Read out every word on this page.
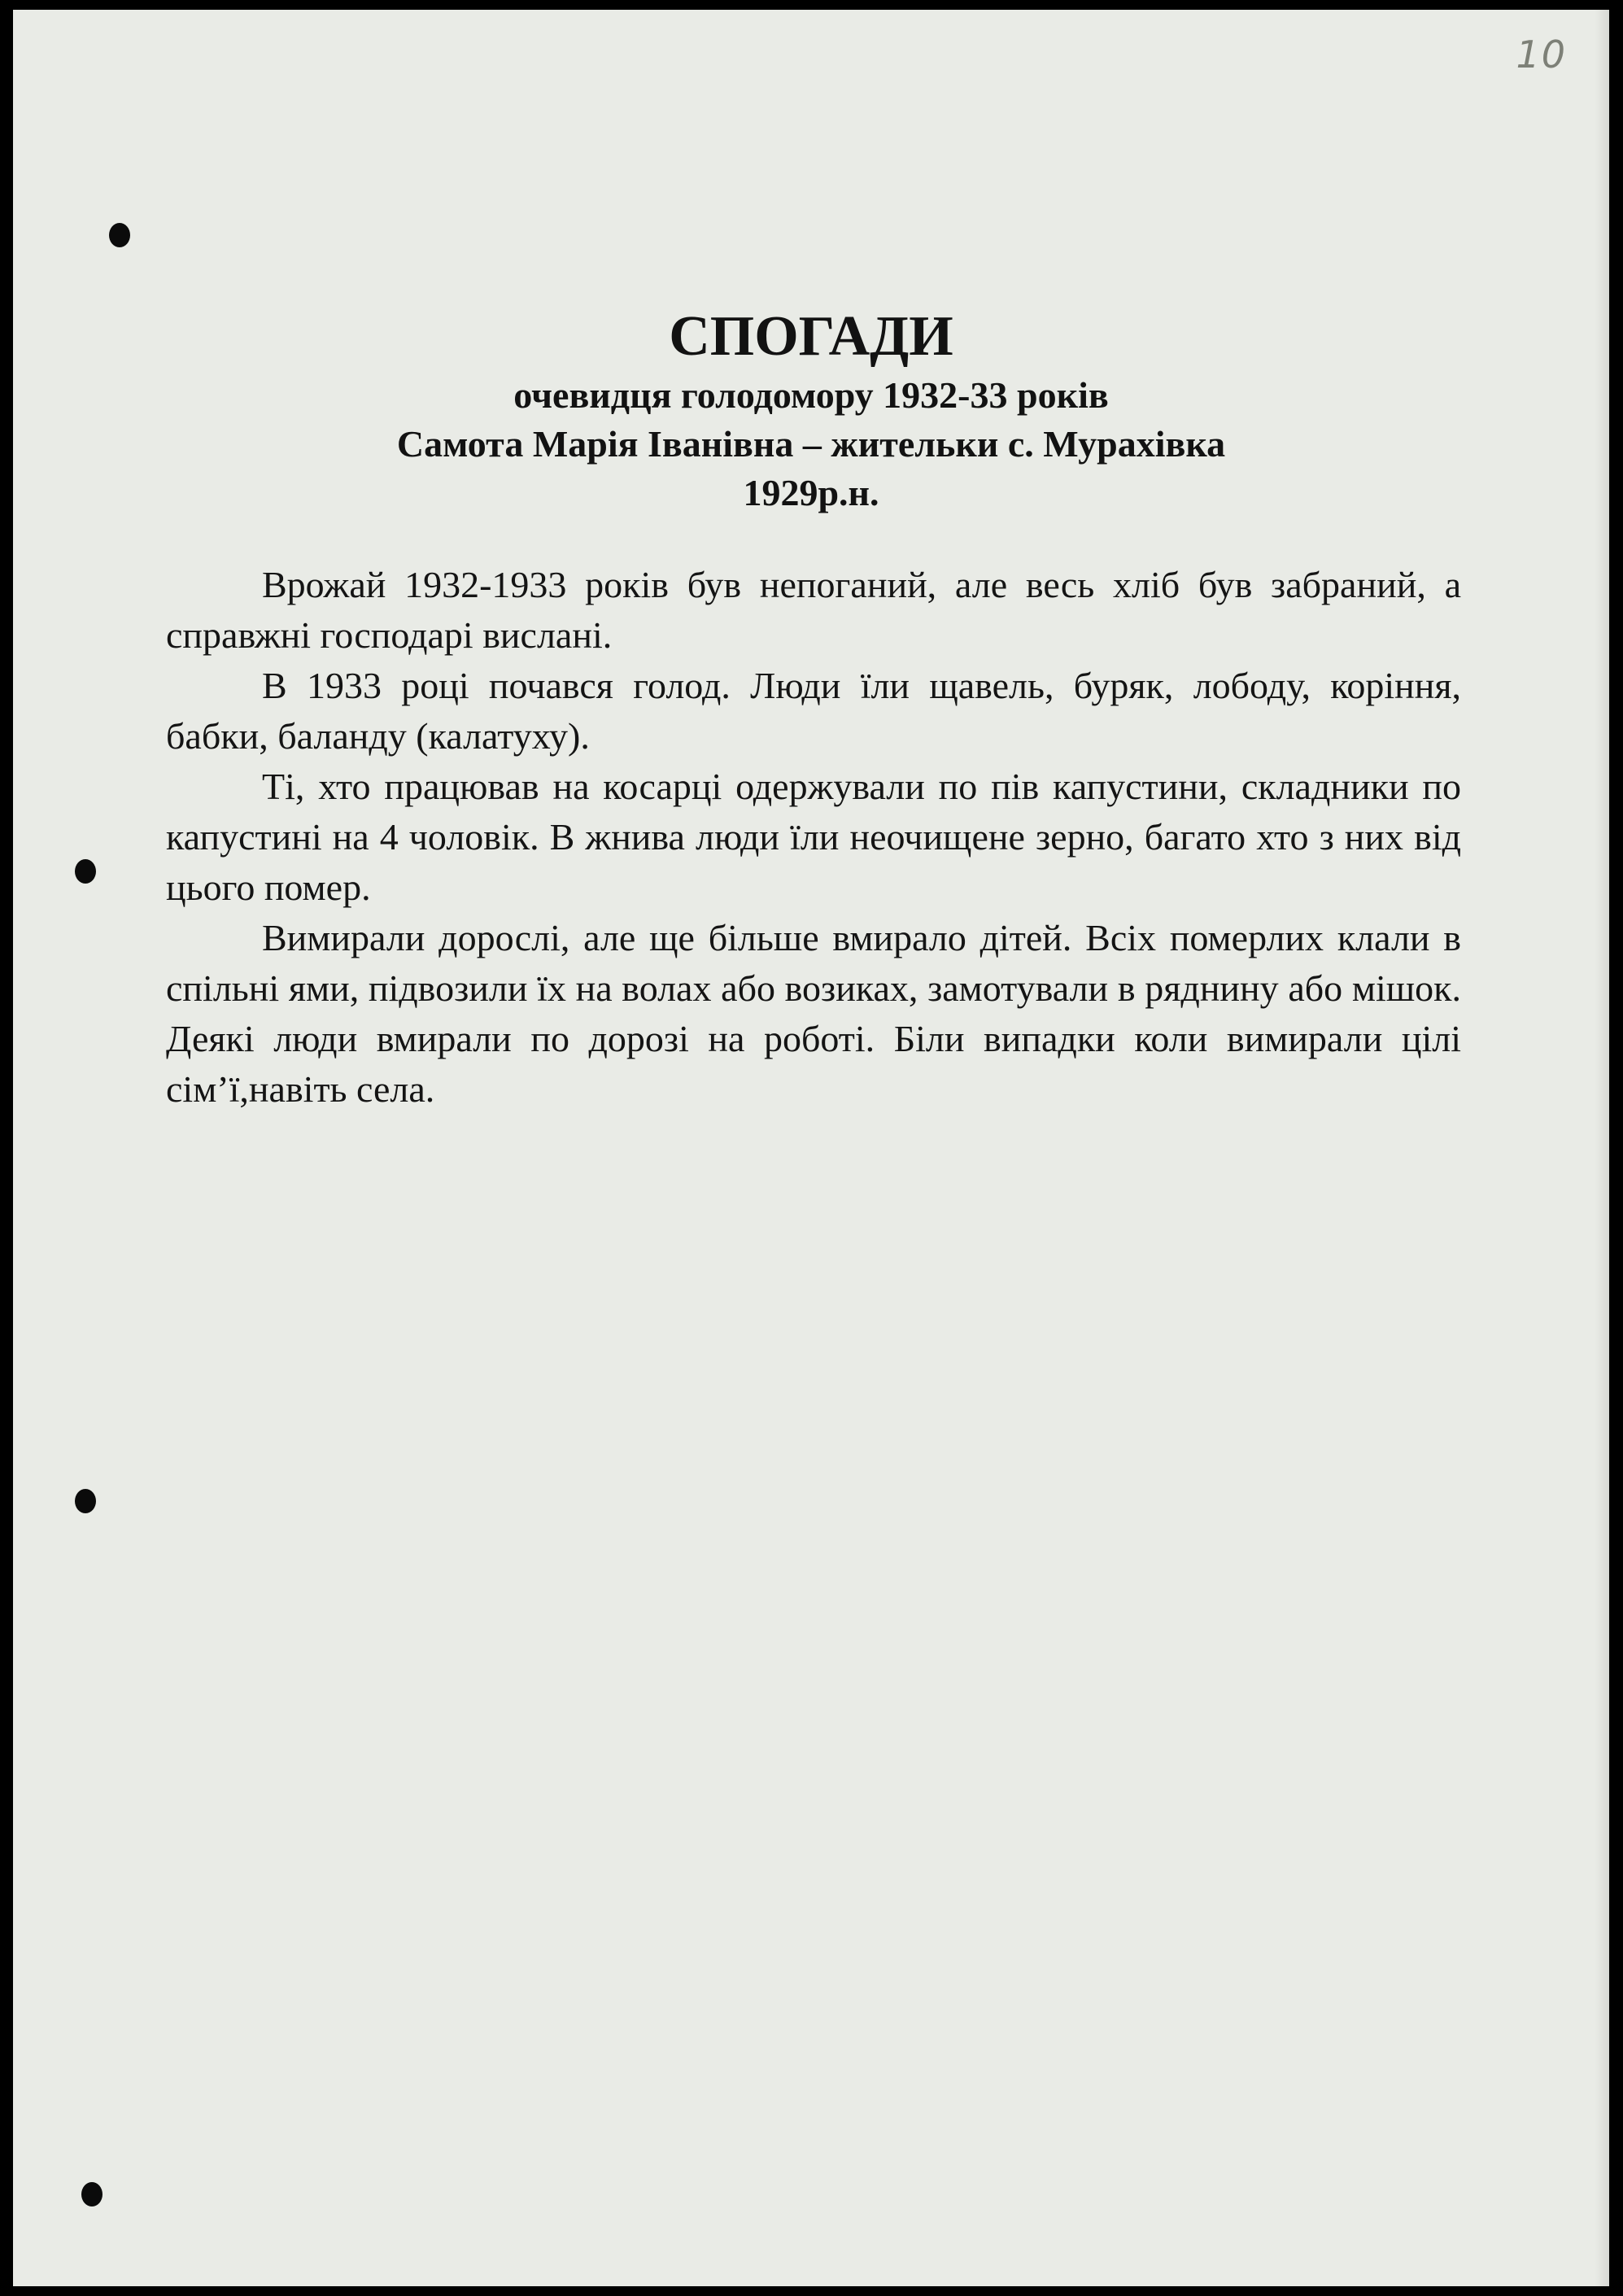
10

СПОГАДИ

очевидця голодомору 1932-33 років

Самота Марія Іванівна – жительки с. Мурахівка

1929р.н.

Врожай 1932-1933 років був непоганий, але весь хліб був забраний, а справжні господарі вислані.

В 1933 році почався голод. Люди їли щавель, буряк, лободу, коріння, бабки, баланду (калатуху).

Ті, хто працював на косарці одержували по пів капустини, складники по капустині на 4 чоловік. В жнива люди їли неочищене зерно, багато хто з них від цього помер.

Вимирали дорослі, але ще більше вмирало дітей. Всіх померлих клали в спільні ями, підвозили їх на волах або возиках, замотували в ряднину або мішок. Деякі люди вмирали по дорозі на роботі. Біли випадки коли вимирали цілі сім’ї,навіть села.
